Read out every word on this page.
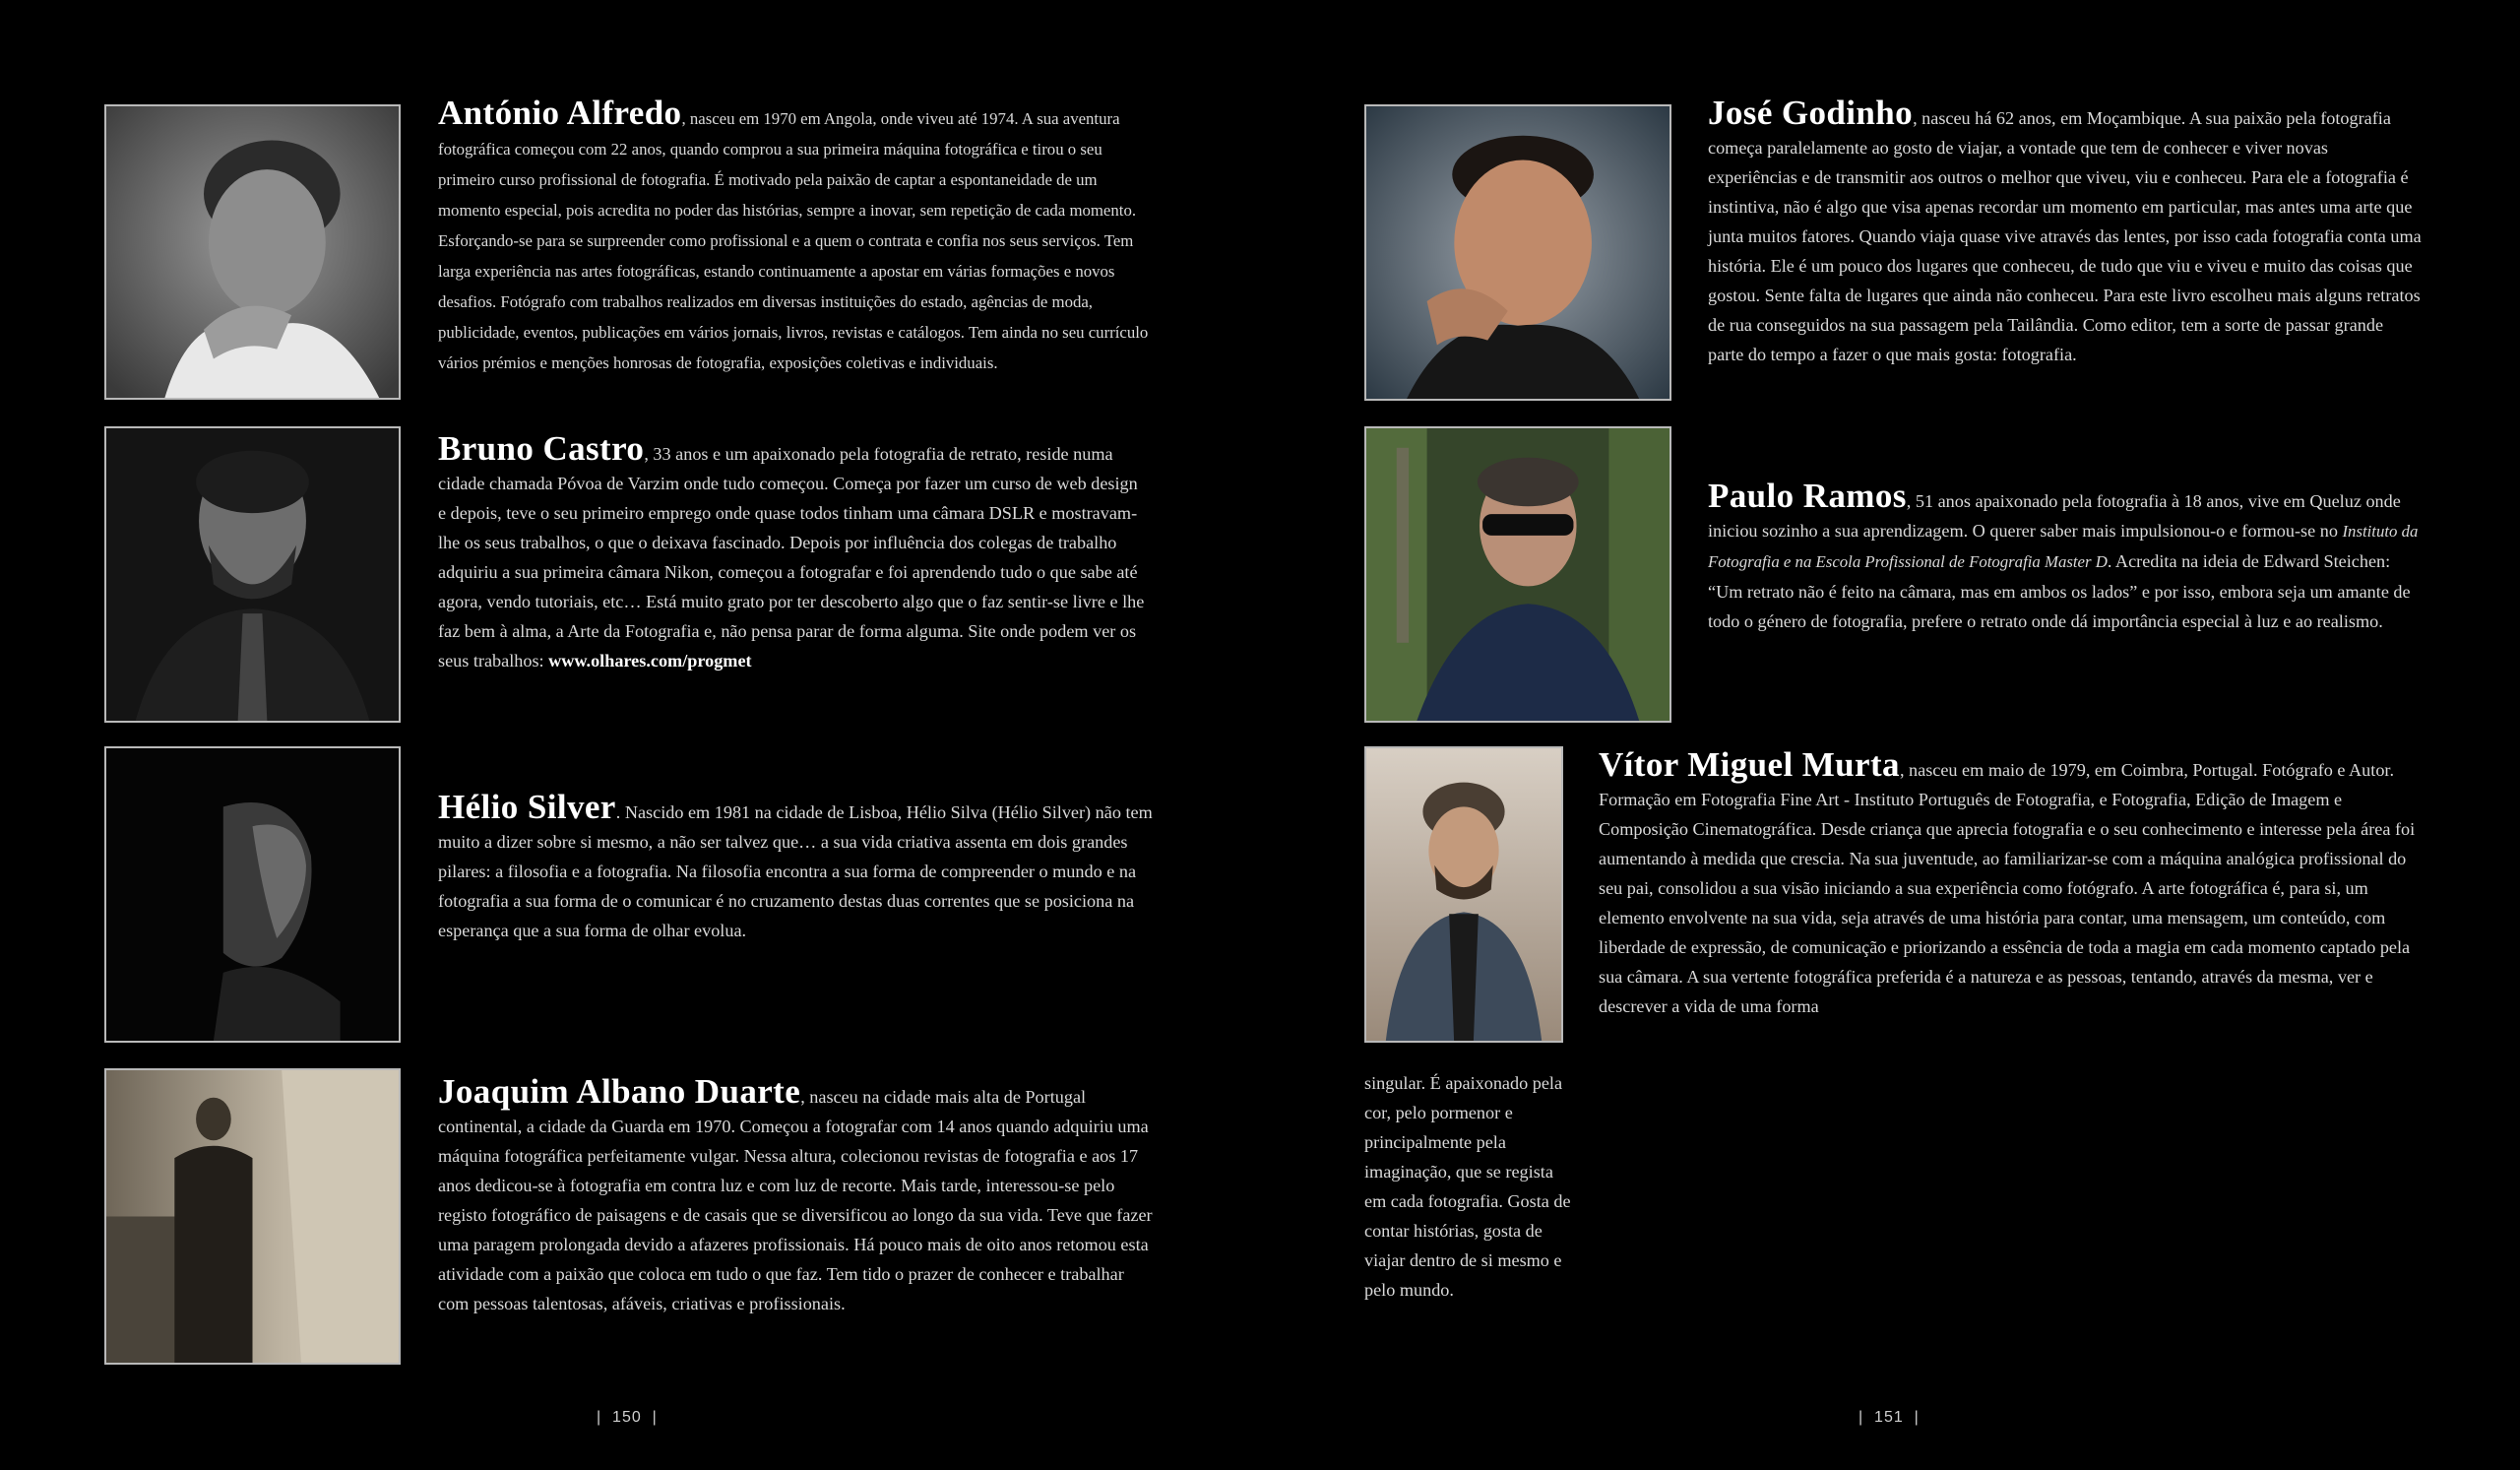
António Alfredo, nasceu em 1970 em Angola, onde viveu até 1974. A sua aventura fotográfica começou com 22 anos, quando comprou a sua primeira máquina fotográfica e tirou o seu primeiro curso profissional de fotografia. É motivado pela paixão de captar a espontaneidade de um momento especial, pois acredita no poder das histórias, sempre a inovar, sem repetição de cada momento. Esforçando-se para se surpreender como profissional e a quem o contrata e confia nos seus serviços. Tem larga experiência nas artes fotográficas, estando continuamente a apostar em várias formações e novos desafios. Fotógrafo com trabalhos realizados em diversas instituições do estado, agências de moda, publicidade, eventos, publicações em vários jornais, livros, revistas e catálogos. Tem ainda no seu currículo vários prémios e menções honrosas de fotografia, exposições coletivas e individuais.
Bruno Castro, 33 anos e um apaixonado pela fotografia de retrato, reside numa cidade chamada Póvoa de Varzim onde tudo começou. Começa por fazer um curso de web design e depois, teve o seu primeiro emprego onde quase todos tinham uma câmara DSLR e mostravam-lhe os seus trabalhos, o que o deixava fascinado. Depois por influência dos colegas de trabalho adquiriu a sua primeira câmara Nikon, começou a fotografar e foi aprendendo tudo o que sabe até agora, vendo tutoriais, etc… Está muito grato por ter descoberto algo que o faz sentir-se livre e lhe faz bem à alma, a Arte da Fotografia e, não pensa parar de forma alguma. Site onde podem ver os seus trabalhos: www.olhares.com/progmet
Hélio Silver. Nascido em 1981 na cidade de Lisboa, Hélio Silva (Hélio Silver) não tem muito a dizer sobre si mesmo, a não ser talvez que… a sua vida criativa assenta em dois grandes pilares: a filosofia e a fotografia. Na filosofia encontra a sua forma de compreender o mundo e na fotografia a sua forma de o comunicar é no cruzamento destas duas correntes que se posiciona na esperança que a sua forma de olhar evolua.
Joaquim Albano Duarte, nasceu na cidade mais alta de Portugal continental, a cidade da Guarda em 1970. Começou a fotografar com 14 anos quando adquiriu uma máquina fotográfica perfeitamente vulgar. Nessa altura, colecionou revistas de fotografia e aos 17 anos dedicou-se à fotografia em contra luz e com luz de recorte. Mais tarde, interessou-se pelo registo fotográfico de paisagens e de casais que se diversificou ao longo da sua vida. Teve que fazer uma paragem prolongada devido a afazeres profissionais. Há pouco mais de oito anos retomou esta atividade com a paixão que coloca em tudo o que faz. Tem tido o prazer de conhecer e trabalhar com pessoas talentosas, afáveis, criativas e profissionais.
|  150  |
José Godinho, nasceu há 62 anos, em Moçambique. A sua paixão pela fotografia começa paralelamente ao gosto de viajar, a vontade que tem de conhecer e viver novas experiências e de transmitir aos outros o melhor que viveu, viu e conheceu. Para ele a fotografia é instintiva, não é algo que visa apenas recordar um momento em particular, mas antes uma arte que junta muitos fatores. Quando viaja quase vive através das lentes, por isso cada fotografia conta uma história. Ele é um pouco dos lugares que conheceu, de tudo que viu e viveu e muito das coisas que gostou. Sente falta de lugares que ainda não conheceu. Para este livro escolheu mais alguns retratos de rua conseguidos na sua passagem pela Tailândia. Como editor, tem a sorte de passar grande parte do tempo a fazer o que mais gosta: fotografia.
Paulo Ramos, 51 anos apaixonado pela fotografia à 18 anos, vive em Queluz onde iniciou sozinho a sua aprendizagem. O querer saber mais impulsionou-o e formou-se no Instituto da Fotografia e na Escola Profissional de Fotografia Master D. Acredita na ideia de Edward Steichen: “Um retrato não é feito na câmara, mas em ambos os lados” e por isso, embora seja um amante de todo o género de fotografia, prefere o retrato onde dá importância especial à luz e ao realismo.
Vítor Miguel Murta, nasceu em maio de 1979, em Coimbra, Portugal. Fotógrafo e Autor. Formação em Fotografia Fine Art - Instituto Português de Fotografia, e Fotografia, Edição de Imagem e Composição Cinematográfica. Desde criança que aprecia fotografia e o seu conhecimento e interesse pela área foi aumentando à medida que crescia. Na sua juventude, ao familiarizar-se com a máquina analógica profissional do seu pai, consolidou a sua visão iniciando a sua experiência como fotógrafo. A arte fotográfica é, para si, um elemento envolvente na sua vida, seja através de uma história para contar, uma mensagem, um conteúdo, com liberdade de expressão, de comunicação e priorizando a essência de toda a magia em cada momento captado pela sua câmara. A sua vertente fotográfica preferida é a natureza e as pessoas, tentando, através da mesma, ver e descrever a vida de uma forma
singular. É apaixonado pela cor, pelo pormenor e principalmente pela imaginação, que se regista em cada fotografia. Gosta de contar histórias, gosta de viajar dentro de si mesmo e pelo mundo.
|  151  |
